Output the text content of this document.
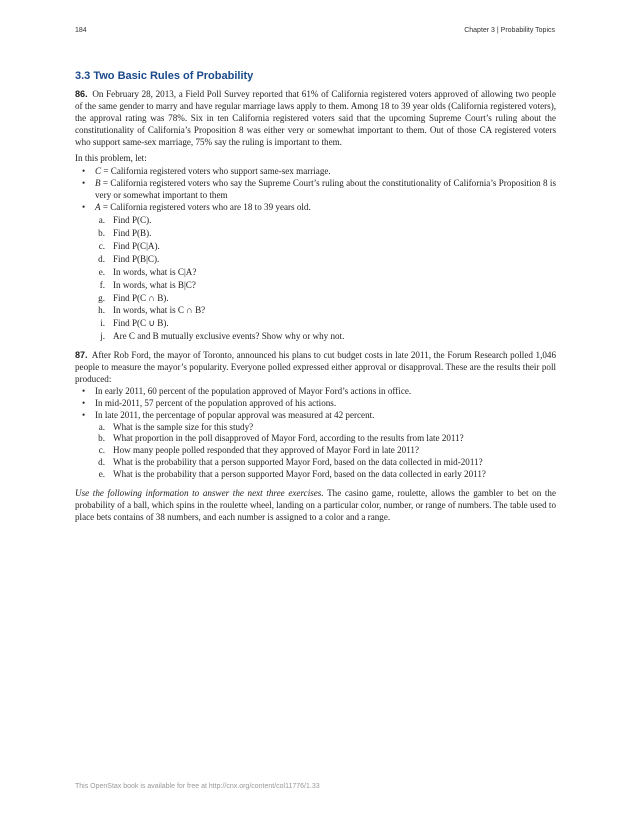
184	Chapter 3 | Probability Topics
3.3 Two Basic Rules of Probability

86. On February 28, 2013, a Field Poll Survey reported that 61% of California registered voters approved of allowing two people of the same gender to marry and have regular marriage laws apply to them. Among 18 to 39 year olds (California registered voters), the approval rating was 78%. Six in ten California registered voters said that the upcoming Supreme Court’s ruling about the constitutionality of California’s Proposition 8 was either very or somewhat important to them. Out of those CA registered voters who support same-sex marriage, 75% say the ruling is important to them.

In this problem, let:

• C = California registered voters who support same-sex marriage.
• B = California registered voters who say the Supreme Court’s ruling about the constitutionality of California’s Proposition 8 is very or somewhat important to them
• A = California registered voters who are 18 to 39 years old.
a. Find P(C).
b. Find P(B).
c. Find P(C|A).
d. Find P(B|C).
e. In words, what is C|A?
f. In words, what is B|C?
g. Find P(C ∩ B).
h. In words, what is C ∩ B?
i. Find P(C ∪ B).
j. Are C and B mutually exclusive events? Show why or why not.

87. After Rob Ford, the mayor of Toronto, announced his plans to cut budget costs in late 2011, the Forum Research polled 1,046 people to measure the mayor’s popularity. Everyone polled expressed either approval or disapproval. These are the results their poll produced:

• In early 2011, 60 percent of the population approved of Mayor Ford’s actions in office.
• In mid-2011, 57 percent of the population approved of his actions.
• In late 2011, the percentage of popular approval was measured at 42 percent.
a. What is the sample size for this study?
b. What proportion in the poll disapproved of Mayor Ford, according to the results from late 2011?
c. How many people polled responded that they approved of Mayor Ford in late 2011?
d. What is the probability that a person supported Mayor Ford, based on the data collected in mid-2011?
e. What is the probability that a person supported Mayor Ford, based on the data collected in early 2011?

Use the following information to answer the next three exercises. The casino game, roulette, allows the gambler to bet on the probability of a ball, which spins in the roulette wheel, landing on a particular color, number, or range of numbers. The table used to place bets contains of 38 numbers, and each number is assigned to a color and a range.

This OpenStax book is available for free at http://cnx.org/content/col11776/1.33
